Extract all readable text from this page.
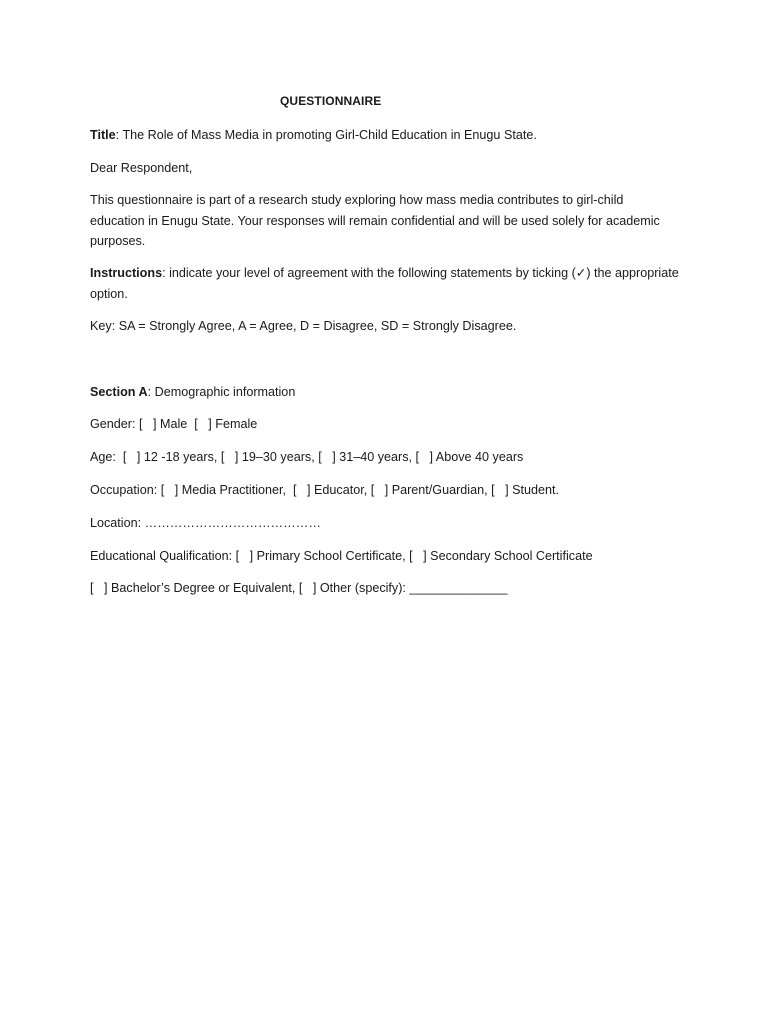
QUESTIONNAIRE
Title: The Role of Mass Media in promoting Girl-Child Education in Enugu State.
Dear Respondent,
This questionnaire is part of a research study exploring how mass media contributes to girl-child education in Enugu State. Your responses will remain confidential and will be used solely for academic purposes.
Instructions: indicate your level of agreement with the following statements by ticking (✓) the appropriate option.
Key: SA = Strongly Agree, A = Agree, D = Disagree, SD = Strongly Disagree.
Section A: Demographic information
Gender: [   ] Male  [   ] Female
Age:  [   ] 12 -18 years, [   ] 19–30 years, [   ] 31–40 years, [   ] Above 40 years
Occupation: [   ] Media Practitioner,  [   ] Educator, [   ] Parent/Guardian, [   ] Student.
Location: ……………………………………
Educational Qualification: [   ] Primary School Certificate, [   ] Secondary School Certificate
[   ] Bachelor’s Degree or Equivalent, [   ] Other (specify): ______________
